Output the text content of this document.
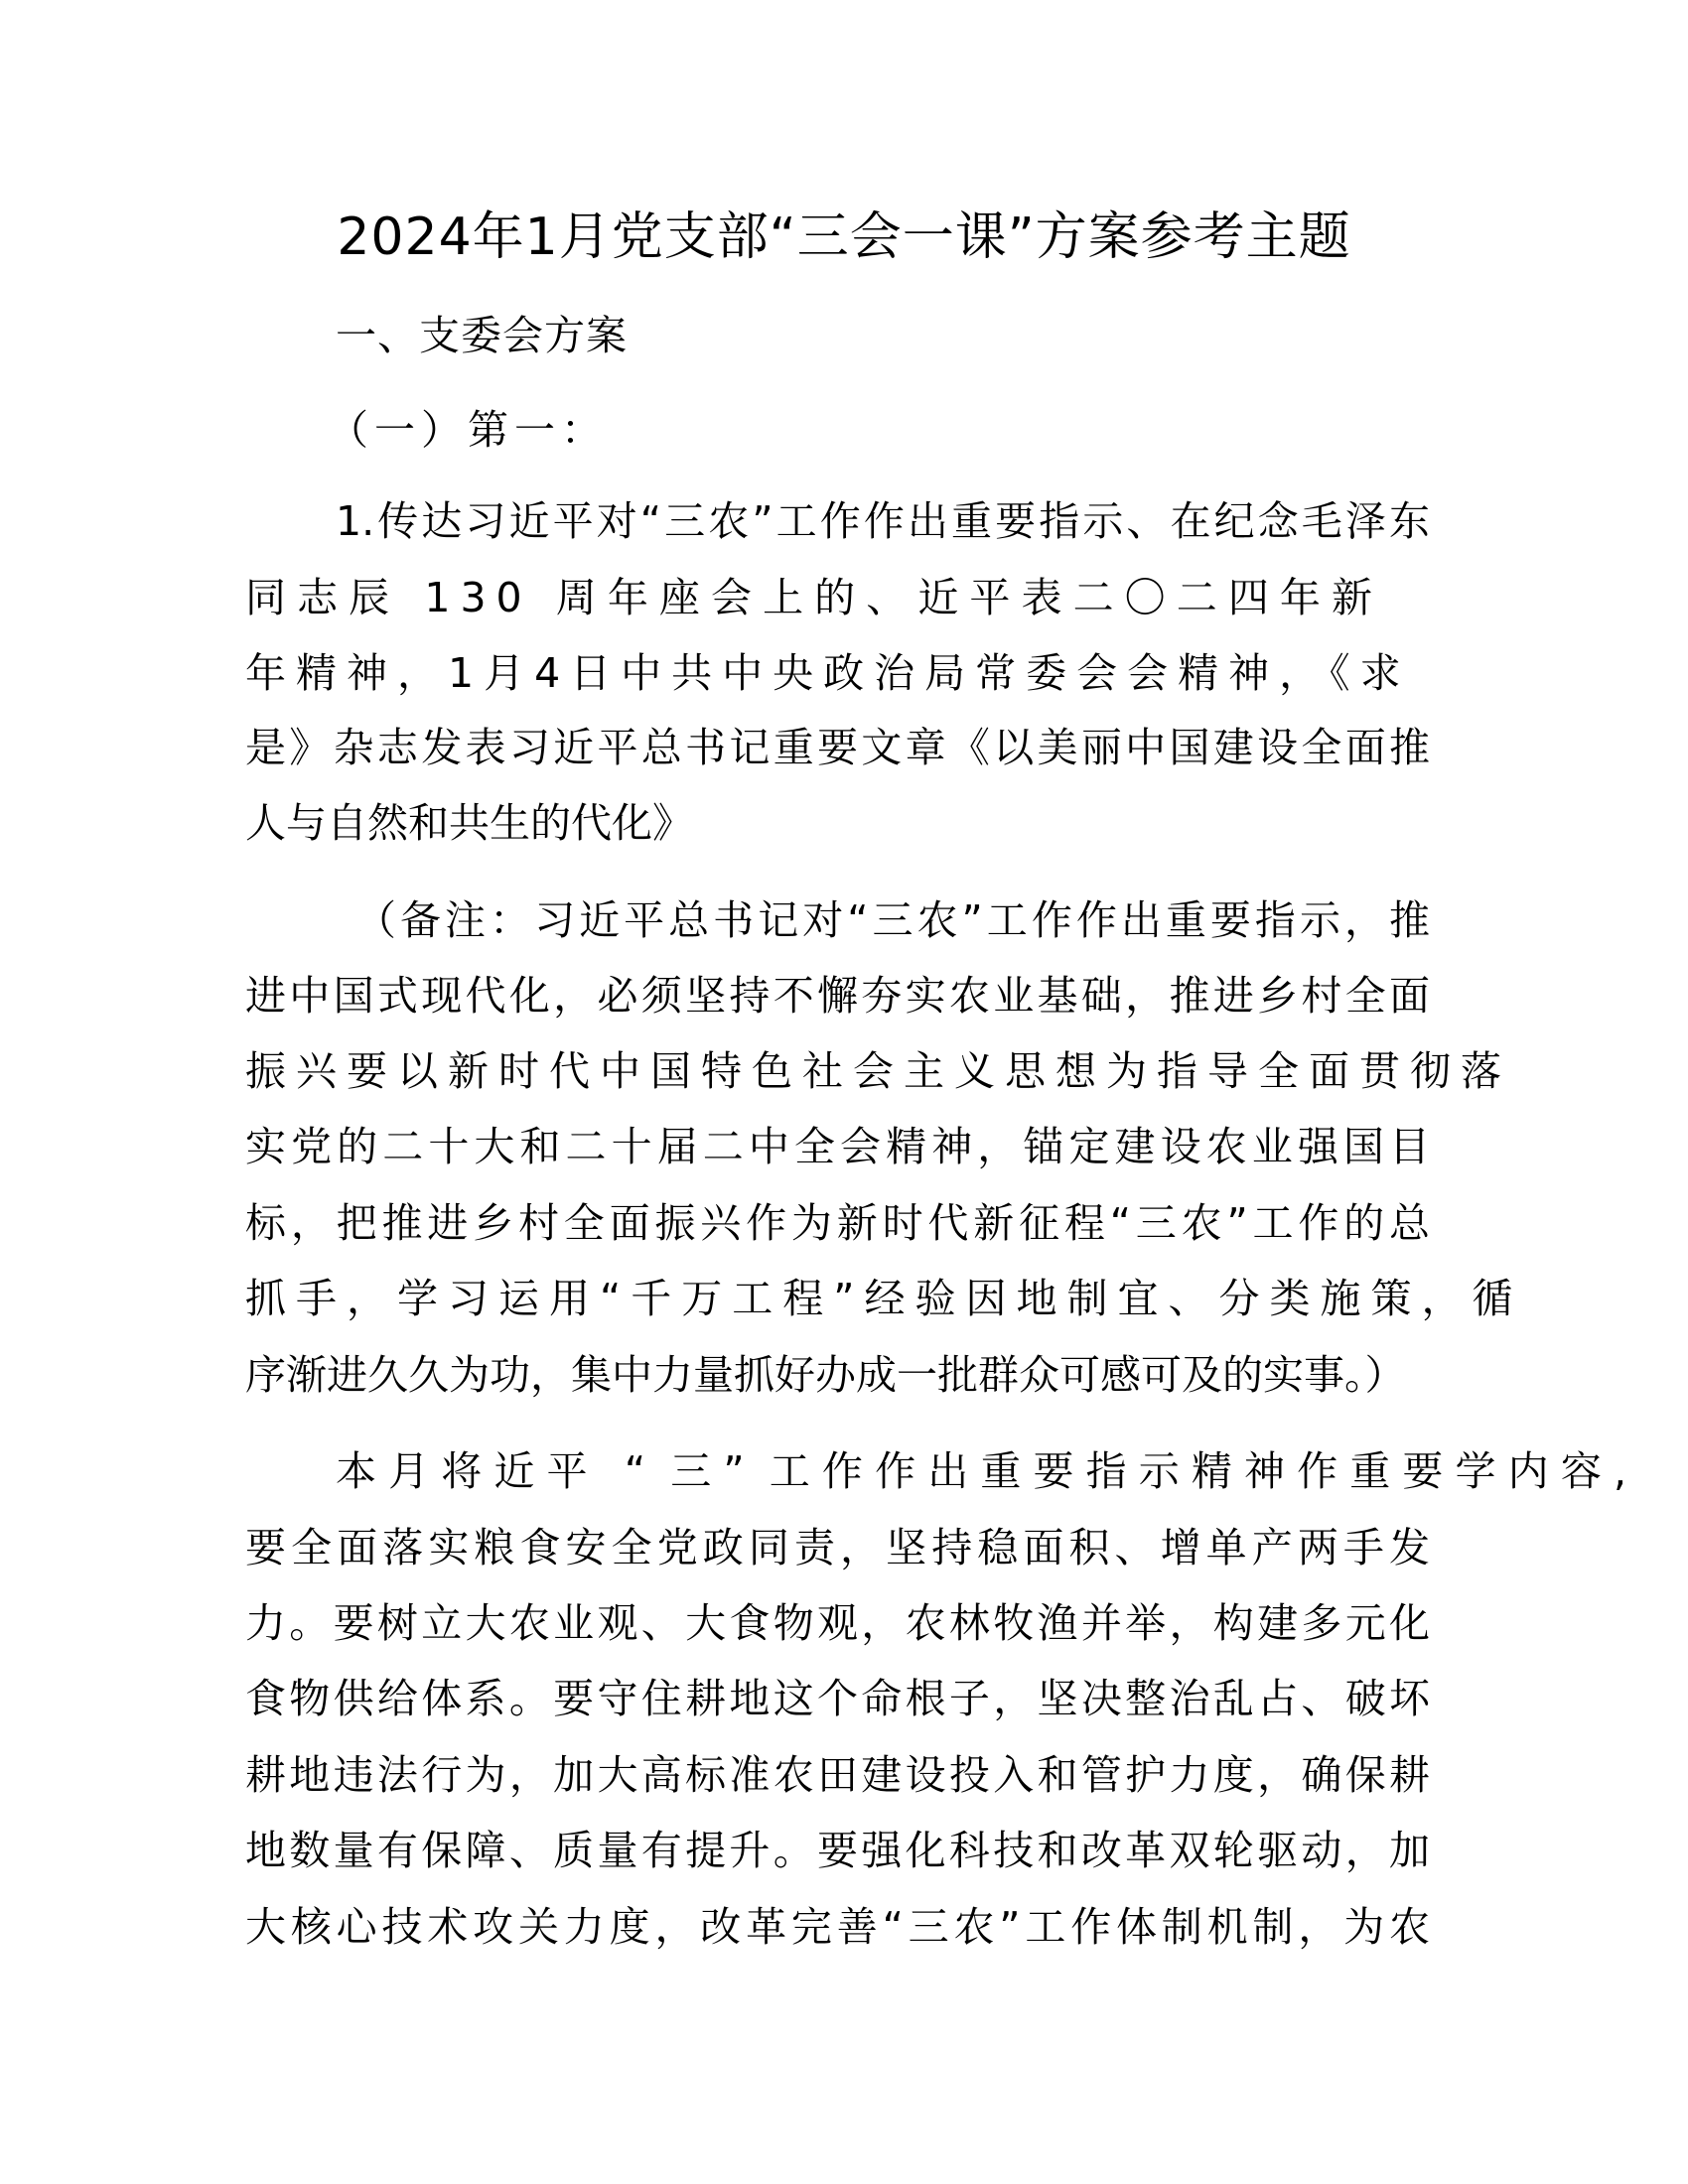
2024年1月党支部“三会一课”方案参考主题
一、支委会方案
（一）第一：
1.传达习近平对“三农”工作作出重要指示、在纪念毛泽东
同志辰 130 周年座会上的、近平表二〇二四年新
年精神，1月4日中共中央政治局常委会会精神，《求
是》杂志发表习近平总书记重要文章《以美丽中国建设全面推
人与自然和共生的代化》
（备注：习近平总书记对“三农”工作作出重要指示，推
进中国式现代化，必须坚持不懈夯实农业基础，推进乡村全面
振兴要以新时代中国特色社会主义思想为指导全面贯彻落
实党的二十大和二十届二中全会精神，锚定建设农业强国目
标，把推进乡村全面振兴作为新时代新征程“三农”工作的总
抓手，学习运用“千万工程”经验因地制宜、分类施策，循
序渐进久久为功，集中力量抓好办成一批群众可感可及的实事。）
本月将近平 “ 三” 工作作出重要指示精神作重要学内容,
要全面落实粮食安全党政同责，坚持稳面积、增单产两手发
力。要树立大农业观、大食物观，农林牧渔并举，构建多元化
食物供给体系。要守住耕地这个命根子，坚决整治乱占、破坏
耕地违法行为，加大高标准农田建设投入和管护力度，确保耕
地数量有保障、质量有提升。要强化科技和改革双轮驱动，加
大核心技术攻关力度，改革完善“三农”工作体制机制，为农
